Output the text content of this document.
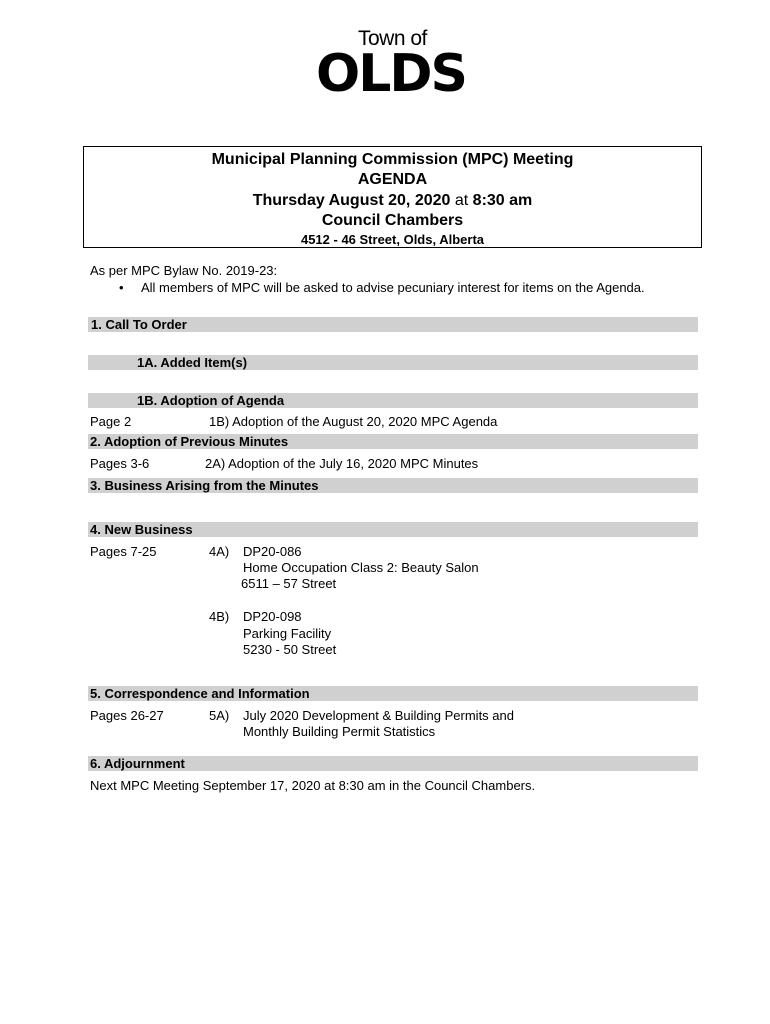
Town of
OLDS
Municipal Planning Commission (MPC) Meeting
AGENDA
Thursday August 20, 2020 at 8:30 am
Council Chambers
4512 - 46 Street, Olds, Alberta
As per MPC Bylaw No. 2019-23:
• All members of MPC will be asked to advise pecuniary interest for items on the Agenda.
1. Call To Order
1A. Added Item(s)
1B. Adoption of Agenda
Page 2	1B) Adoption of the August 20, 2020 MPC Agenda
2. Adoption of Previous Minutes
Pages 3-6	2A) Adoption of the July 16, 2020 MPC Minutes
3. Business Arising from the Minutes
4. New Business
Pages 7-25	4A) DP20-086
Home Occupation Class 2: Beauty Salon
6511 – 57 Street
4B) DP20-098
Parking Facility
5230 - 50 Street
5. Correspondence and Information
Pages 26-27	5A) July 2020 Development & Building Permits and
Monthly Building Permit Statistics
6. Adjournment
Next MPC Meeting September 17, 2020 at 8:30 am in the Council Chambers.
